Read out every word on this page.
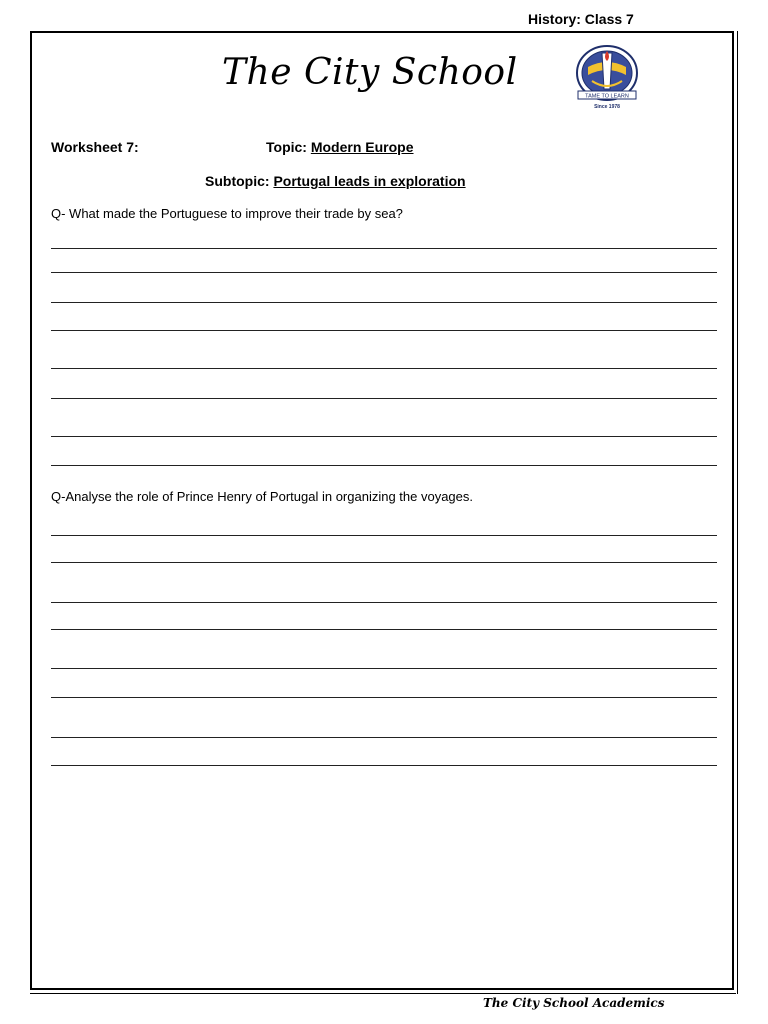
History: Class 7
The City School
TAME TO LEARN
Since 1978
Worksheet 7:	Topic: Modern Europe
Subtopic: Portugal leads in exploration
Q- What made the Portuguese to improve their trade by sea?
Q-Analyse the role of Prince Henry of Portugal in organizing the voyages.
The City School Academics
